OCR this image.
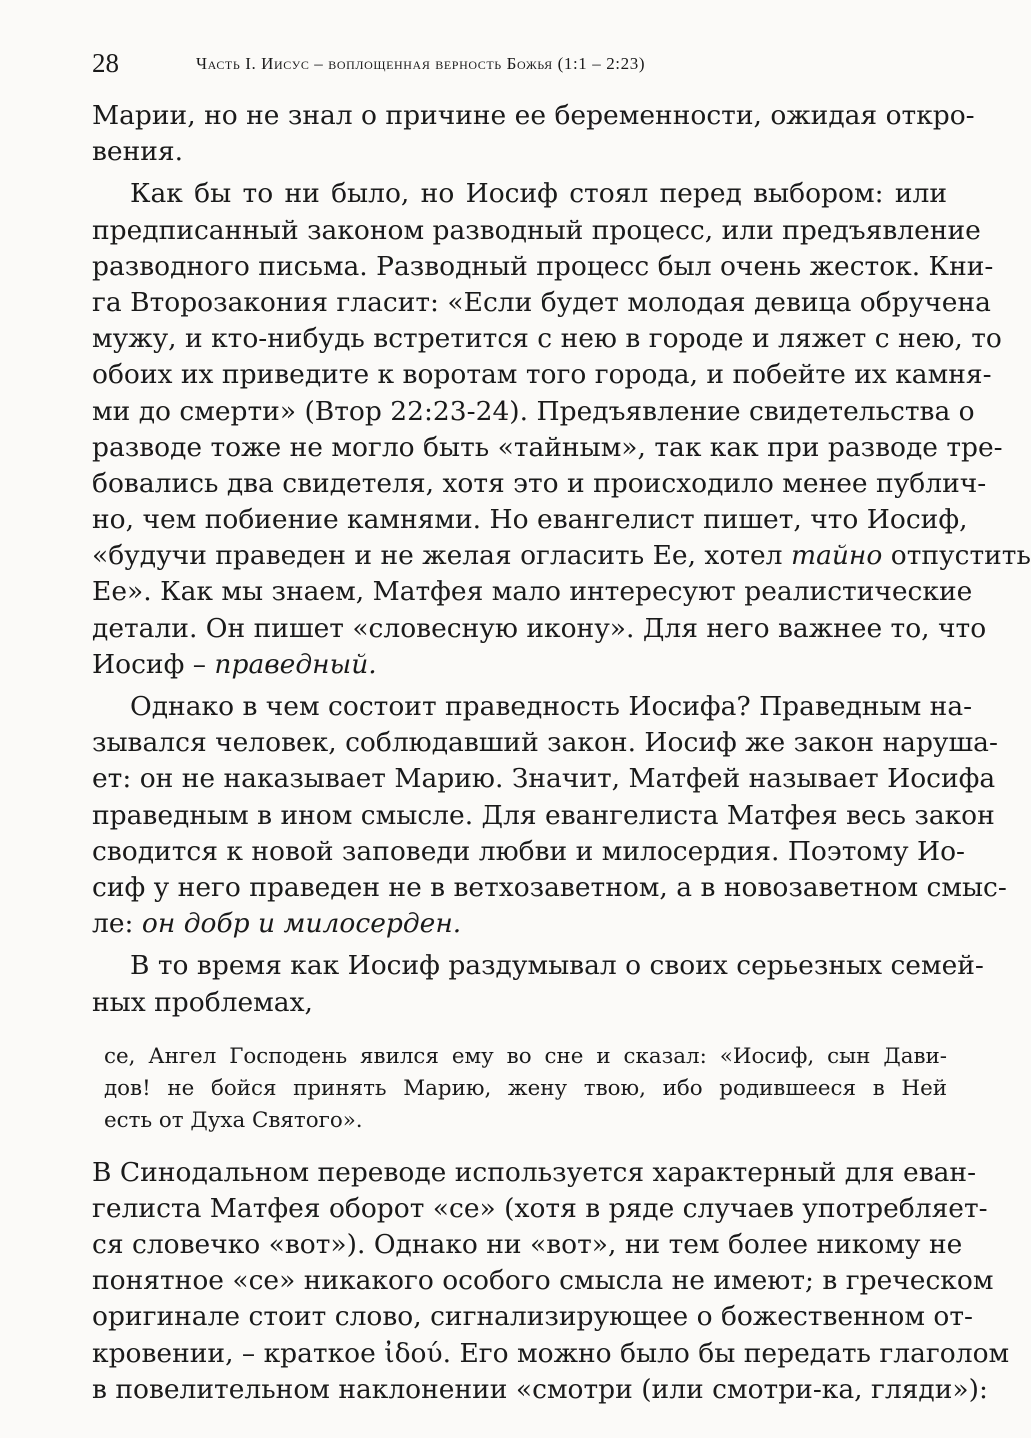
28	Часть I. Иисус – воплощенная верность Божья (1:1 – 2:23)
Марии, но не знал о причине ее беременности, ожидая откро-
вения.
Как бы то ни было, но Иосиф стоял перед выбором: или
предписанный законом разводный процесс, или предъявление
разводного письма. Разводный процесс был очень жесток. Кни-
га Второзакония гласит: «Если будет молодая девица обручена
мужу, и кто-нибудь встретится с нею в городе и ляжет с нею, то
обоих их приведите к воротам того города, и побейте их камня-
ми до смерти» (Втор 22:23-24). Предъявление свидетельства о
разводе тоже не могло быть «тайным», так как при разводе тре-
бовались два свидетеля, хотя это и происходило менее публич-
но, чем побиение камнями. Но евангелист пишет, что Иосиф,
«будучи праведен и не желая огласить Ее, хотел тайно отпустить
Ее». Как мы знаем, Матфея мало интересуют реалистические
детали. Он пишет «словесную икону». Для него важнее то, что
Иосиф – праведный.
Однако в чем состоит праведность Иосифа? Праведным на-
зывался человек, соблюдавший закон. Иосиф же закон наруша-
ет: он не наказывает Марию. Значит, Матфей называет Иосифа
праведным в ином смысле. Для евангелиста Матфея весь закон
сводится к новой заповеди любви и милосердия. Поэтому Ио-
сиф у него праведен не в ветхозаветном, а в новозаветном смыс-
ле: он добр и милосерден.
В то время как Иосиф раздумывал о своих серьезных семей-
ных проблемах,
се, Ангел Господень явился ему во сне и сказал: «Иосиф, сын Дави-
дов! не бойся принять Марию, жену твою, ибо родившееся в Ней
есть от Духа Святого».
В Синодальном переводе используется характерный для еван-
гелиста Матфея оборот «се» (хотя в ряде случаев употребляет-
ся словечко «вот»). Однако ни «вот», ни тем более никому не
понятное «се» никакого особого смысла не имеют; в греческом
оригинале стоит слово, сигнализирующее о божественном от-
кровении, – краткое ἰδού. Его можно было бы передать глаголом
в повелительном наклонении «смотри (или смотри-ка, гляди»):
